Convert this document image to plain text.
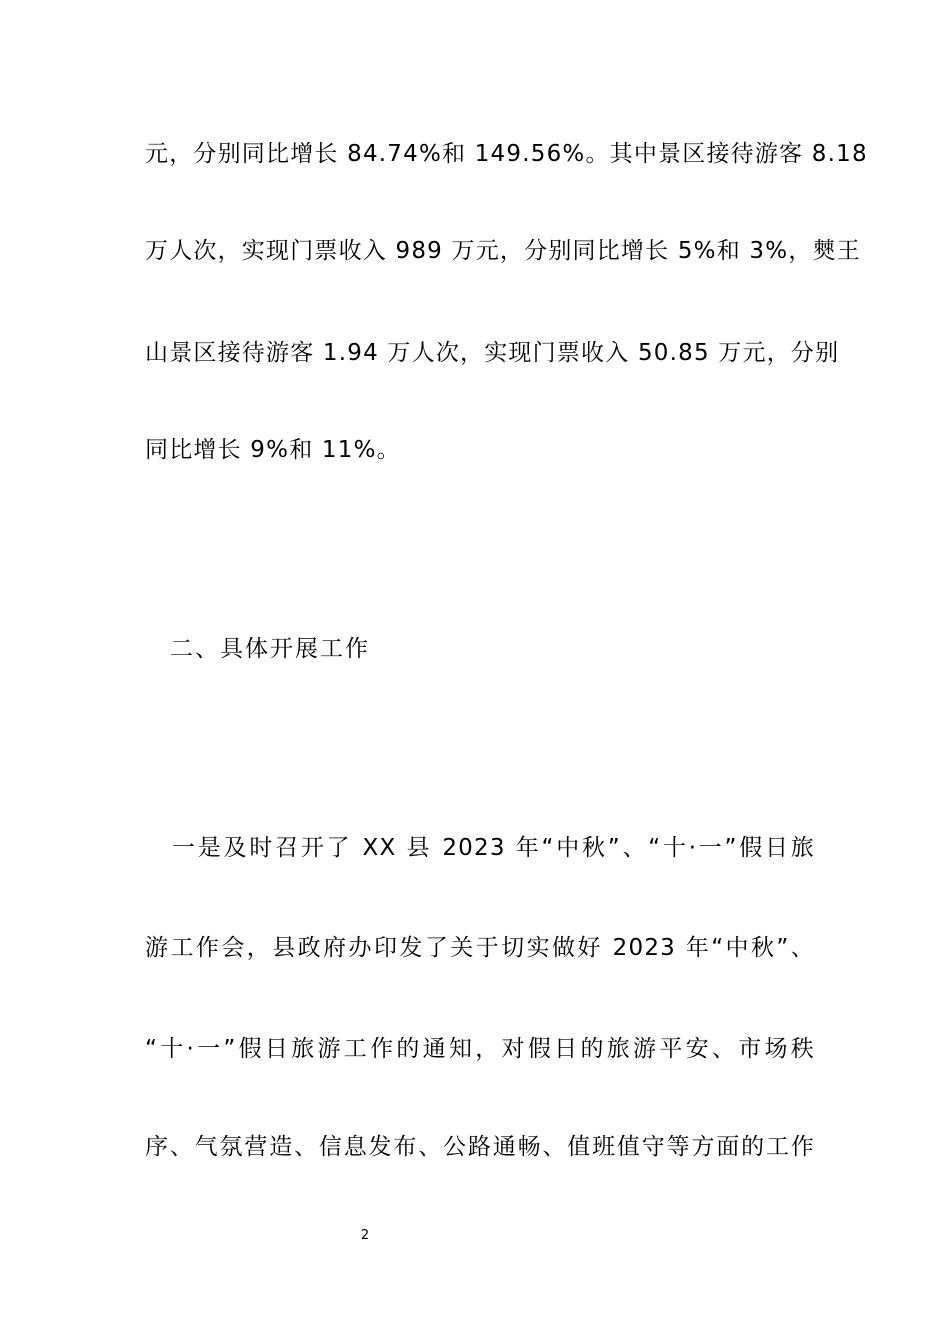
元，分别同比增长 84.74%和 149.56%。其中景区接待游客 8.18
万人次，实现门票收入 989 万元，分别同比增长 5%和 3%，僰王
山景区接待游客 1.94 万人次，实现门票收入 50.85 万元，分别
同比增长 9%和 11%。
二、具体开展工作
一是及时召开了 XX 县 2023 年“中秋”、“十·一”假日旅
游工作会，县政府办印发了关于切实做好 2023 年“中秋”、
“十·一”假日旅游工作的通知，对假日的旅游平安、市场秩
序、气氛营造、信息发布、公路通畅、值班值守等方面的工作
2
